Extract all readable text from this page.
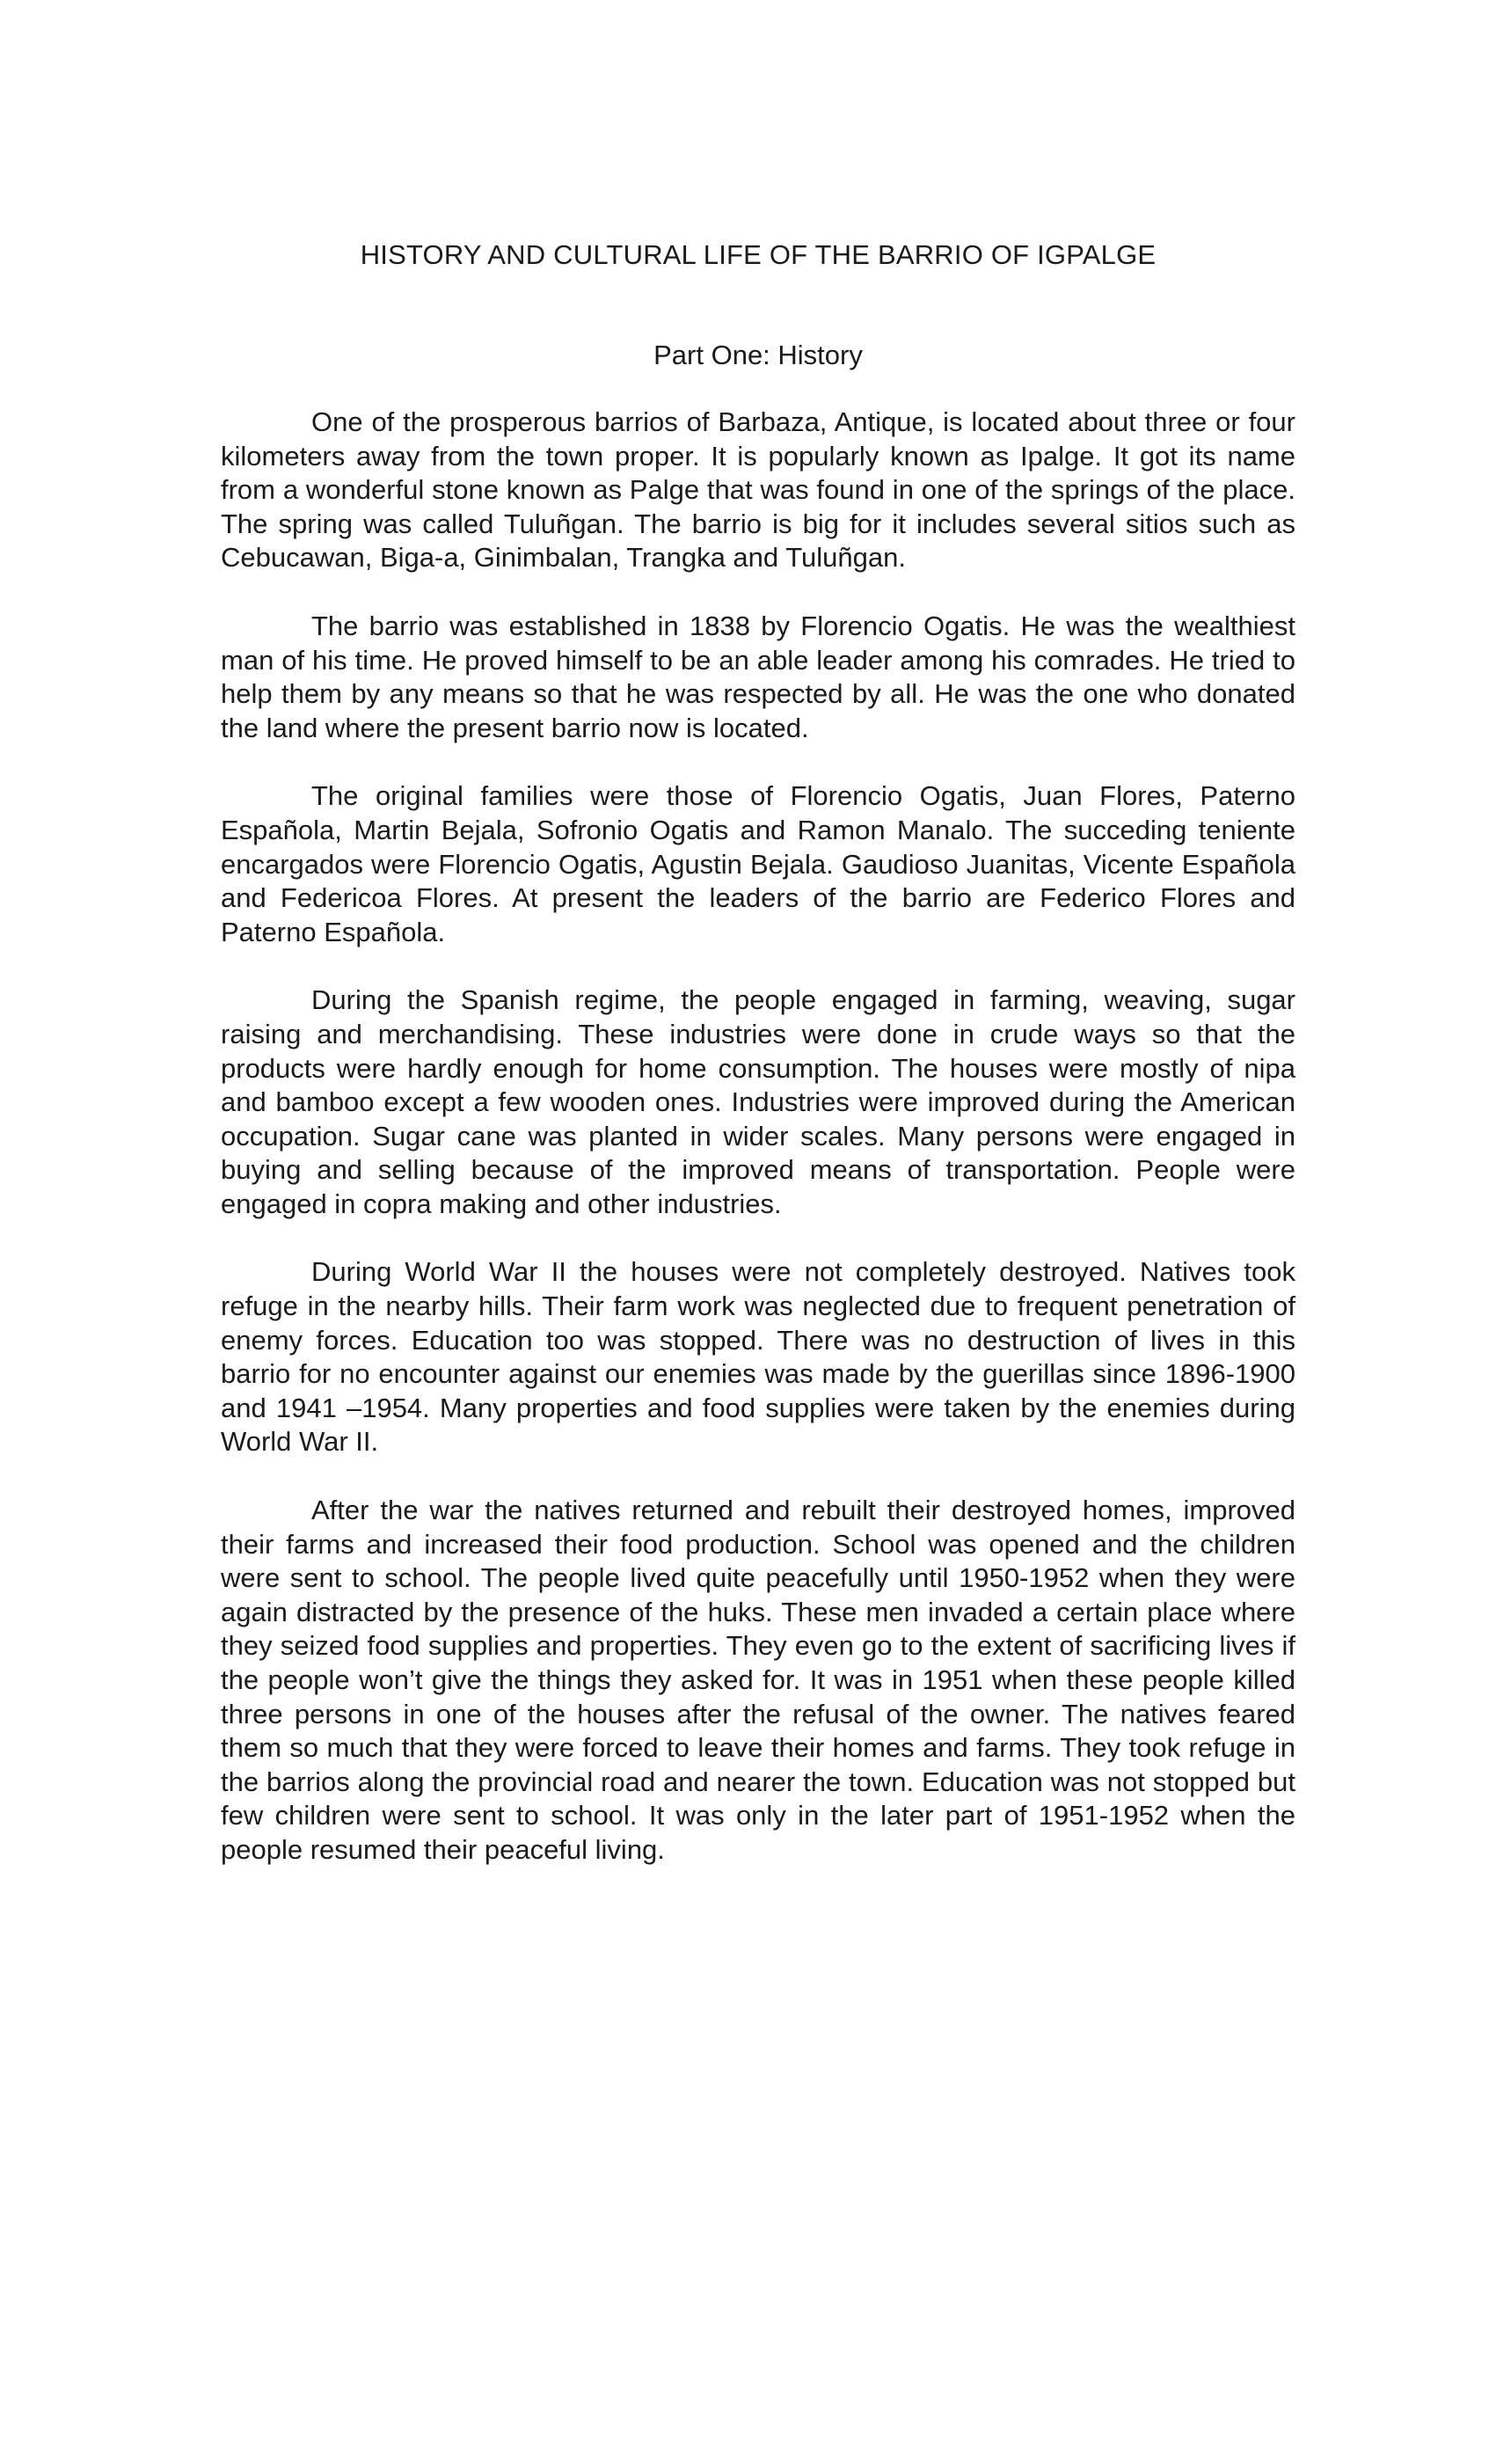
HISTORY AND CULTURAL LIFE OF THE BARRIO OF IGPALGE
Part One: History

One of the prosperous barrios of Barbaza, Antique, is located about three or four kilometers away from the town proper. It is popularly known as Ipalge. It got its name from a wonderful stone known as Palge that was found in one of the springs of the place. The spring was called Tuluñgan. The barrio is big for it includes several sitios such as Cebucawan, Biga-a, Ginimbalan, Trangka and Tuluñgan.

The barrio was established in 1838 by Florencio Ogatis. He was the wealthiest man of his time. He proved himself to be an able leader among his comrades. He tried to help them by any means so that he was respected by all. He was the one who donated the land where the present barrio now is located.

The original families were those of Florencio Ogatis, Juan Flores, Paterno Española, Martin Bejala, Sofronio Ogatis and Ramon Manalo. The succeding teniente encargados were Florencio Ogatis, Agustin Bejala. Gaudioso Juanitas, Vicente Española and Federicoa Flores. At present the leaders of the barrio are Federico Flores and Paterno Española.

During the Spanish regime, the people engaged in farming, weaving, sugar raising and merchandising. These industries were done in crude ways so that the products were hardly enough for home consumption. The houses were mostly of nipa and bamboo except a few wooden ones. Industries were improved during the American occupation. Sugar cane was planted in wider scales. Many persons were engaged in buying and selling because of the improved means of transportation. People were engaged in copra making and other industries.

During World War II the houses were not completely destroyed. Natives took refuge in the nearby hills. Their farm work was neglected due to frequent penetration of enemy forces. Education too was stopped. There was no destruction of lives in this barrio for no encounter against our enemies was made by the guerillas since 1896-1900 and 1941 –1954. Many properties and food supplies were taken by the enemies during World War II.

After the war the natives returned and rebuilt their destroyed homes, improved their farms and increased their food production. School was opened and the children were sent to school. The people lived quite peacefully until 1950-1952 when they were again distracted by the presence of the huks. These men invaded a certain place where they seized food supplies and properties. They even go to the extent of sacrificing lives if the people won’t give the things they asked for. It was in 1951 when these people killed three persons in one of the houses after the refusal of the owner. The natives feared them so much that they were forced to leave their homes and farms. They took refuge in the barrios along the provincial road and nearer the town. Education was not stopped but few children were sent to school. It was only in the later part of 1951-1952 when the people resumed their peaceful living.
